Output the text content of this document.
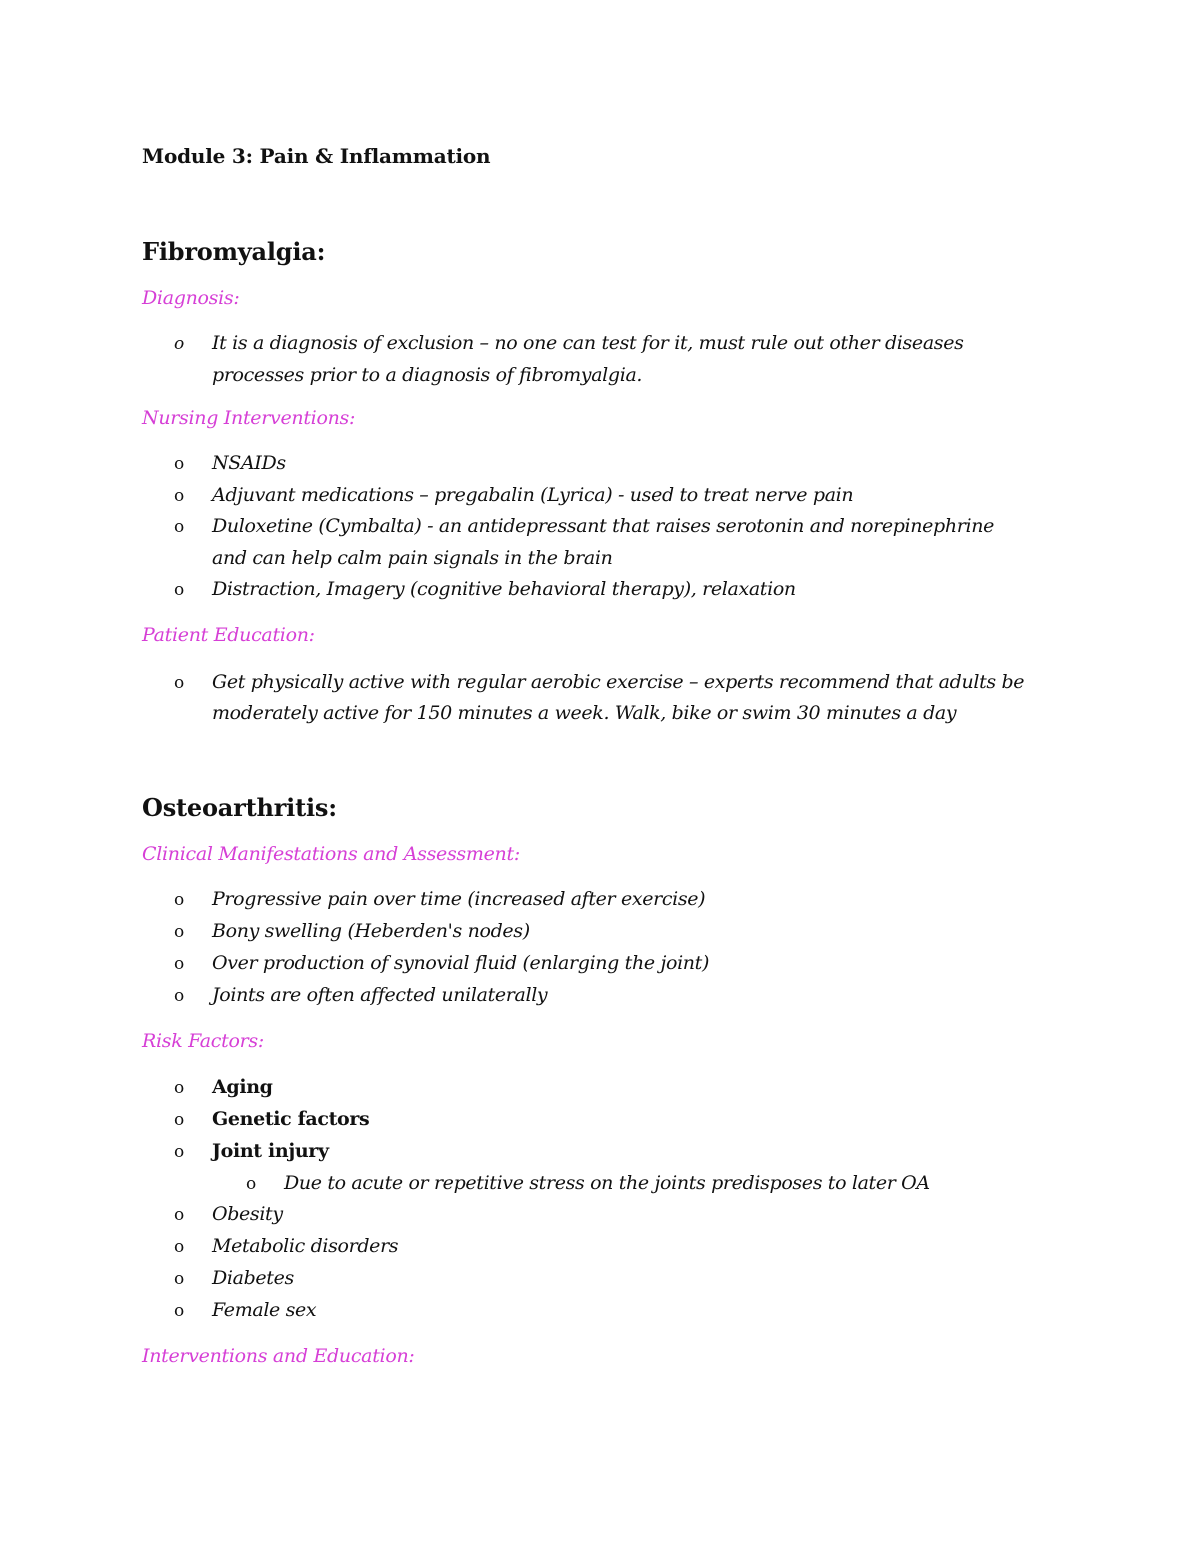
Module 3: Pain & Inflammation
Fibromyalgia:
Diagnosis:
o It is a diagnosis of exclusion – no one can test for it, must rule out other diseases
processes prior to a diagnosis of fibromyalgia.
Nursing Interventions:
o NSAIDs
o Adjuvant medications – pregabalin (Lyrica) - used to treat nerve pain
o Duloxetine (Cymbalta) - an antidepressant that raises serotonin and norepinephrine
and can help calm pain signals in the brain
o Distraction, Imagery (cognitive behavioral therapy), relaxation
Patient Education:
o Get physically active with regular aerobic exercise – experts recommend that adults be
moderately active for 150 minutes a week. Walk, bike or swim 30 minutes a day
Osteoarthritis:
Clinical Manifestations and Assessment:
o Progressive pain over time (increased after exercise)
o Bony swelling (Heberden's nodes)
o Over production of synovial fluid (enlarging the joint)
o Joints are often affected unilaterally
Risk Factors:
o Aging
o Genetic factors
o Joint injury
o Due to acute or repetitive stress on the joints predisposes to later OA
o Obesity
o Metabolic disorders
o Diabetes
o Female sex
Interventions and Education:
